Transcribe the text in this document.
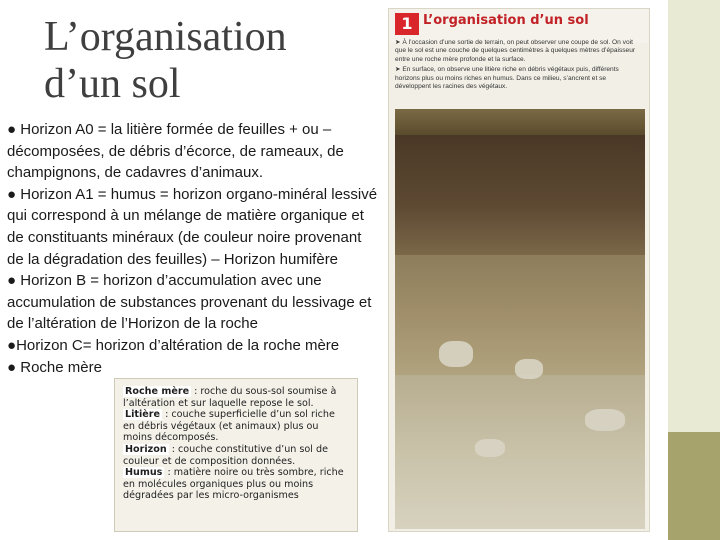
L’organisation
d’un sol

● Horizon A0 = la litière formée de feuilles + ou – décomposées, de débris d’écorce, de rameaux, de champignons, de cadavres d’animaux.

● Horizon A1 = humus = horizon organo-minéral lessivé qui correspond à un mélange de matière organique et de constituants minéraux (de couleur noire provenant de la dégradation des feuilles) – Horizon humifère

● Horizon B = horizon d’accumulation avec une accumulation de substances provenant du lessivage et de l’altération de l’Horizon de la roche

●Horizon C= horizon d’altération de la roche mère

● Roche mère

1 L’organisation d’un sol

➤ À l’occasion d’une sortie de terrain, on peut observer une coupe de sol. On voit que le sol est une couche de quelques centimètres à quelques mètres d’épaisseur entre une roche mère profonde et la surface.

➤ En surface, on observe une litière riche en débris végétaux puis, différents horizons plus ou moins riches en humus. Dans ce milieu, s’ancrent et se développent les racines des végétaux.

Roche mère : roche du sous-sol soumise à l’altération et sur laquelle repose le sol.

Litière : couche superficielle d’un sol riche en débris végétaux (et animaux) plus ou moins décomposés.

Horizon : couche constitutive d’un sol de couleur et de composition données.

Humus : matière noire ou très sombre, riche en molécules organiques plus ou moins dégradées par les micro-organismes
